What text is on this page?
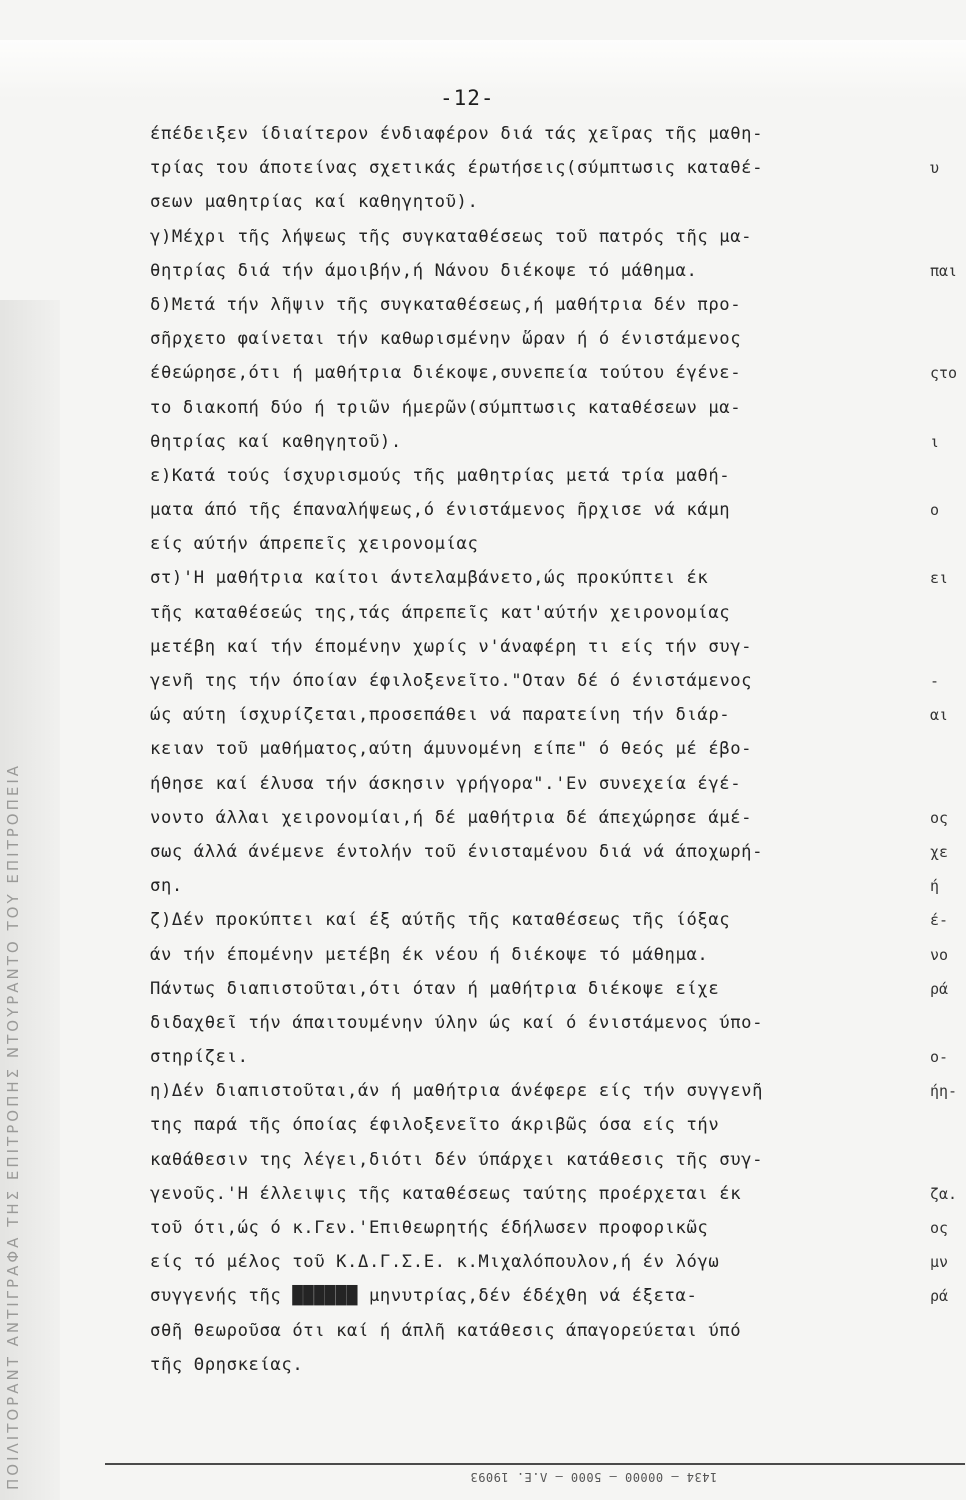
ΠΟΙΛΙΤΟΡΑΝΤ ΑΝΤΙΓΡΑΦΑ ΤΗΣ ΕΠΙΤΡΟΠΗΣ ΝΤΟΥΡΑΝΤΟ ΤΟΥ ΕΠΙΤΡΟΠΕΙΑ
-12-
έπέδειξεν ίδιαίτερον ένδιαφέρον διά τάς χεῖρας τῆς μαθη-
τρίας του άποτείνας σχετικάς έρωτήσεις(σύμπτωσις καταθέ-
σεων μαθητρίας καί καθηγητοῦ).
γ)Μέχρι τῆς λήψεως τῆς συγκαταθέσεως τοῦ πατρός τῆς μα-
θητρίας διά τήν άμοιβήν,ή Νάνου διέκοψε τό μάθημα.
δ)Μετά τήν λῆψιν τῆς συγκαταθέσεως,ή μαθήτρια δέν προ-
σῆρχετο φαίνεται τήν καθωρισμένην ὥραν ή ό ένιστάμενος
έθεώρησε,ότι ή μαθήτρια διέκοψε,συνεπεία τούτου έγένε-
το διακοπή δύο ή τριῶν ήμερῶν(σύμπτωσις καταθέσεων μα-
θητρίας καί καθηγητοῦ).
ε)Κατά τούς ίσχυρισμούς τῆς μαθητρίας μετά τρία μαθή-
ματα άπό τῆς έπαναλήψεως,ό ένιστάμενος ῆρχισε νά κάμη
είς αύτήν άπρεπεῖς χειρονομίας
στ)'Η μαθήτρια καίτοι άντελαμβάνετο,ώς προκύπτει έκ
τῆς καταθέσεώς της,τάς άπρεπεῖς κατ'αύτήν χειρονομίας
μετέβη καί τήν έπομένην χωρίς ν'άναφέρη τι είς τήν συγ-
γενῆ της τήν όποίαν έφιλοξενεῖτο."Οταν δέ ό ένιστάμενος
ώς αύτη ίσχυρίζεται,προσεπάθει νά παρατείνη τήν διάρ-
κειαν τοῦ μαθήματος,αύτη άμυνομένη είπε" ό θεός μέ έβο-
ήθησε καί έλυσα τήν άσκησιν γρήγορα".'Εν συνεχεία έγέ-
νοντο άλλαι χειρονομίαι,ή δέ μαθήτρια δέ άπεχώρησε άμέ-
σως άλλά άνέμενε έντολήν τοῦ ένισταμένου διά νά άποχωρή-
ση.
ζ)Δέν προκύπτει καί έξ αύτῆς τῆς καταθέσεως τῆς ίόξας
άν τήν έπομένην μετέβη έκ νέου ή διέκοψε τό μάθημα.
Πάντως διαπιστοῦται,ότι όταν ή μαθήτρια διέκοψε είχε
διδαχθεῖ τήν άπαιτουμένην ύλην ώς καί ό ένιστάμενος ύπο-
στηρίζει.
η)Δέν διαπιστοῦται,άν ή μαθήτρια άνέφερε είς τήν συγγενῆ
της παρά τῆς όποίας έφιλοξενεῖτο άκριβῶς όσα είς τήν
καθάθεσιν της λέγει,διότι δέν ύπάρχει κατάθεσις τῆς συγ-
γενοῦς.'Η έλλειψις τῆς καταθέσεως ταύτης προέρχεται έκ
τοῦ ότι,ώς ό κ.Γεν.'Επιθεωρητής έδήλωσεν προφορικῶς
είς τό μέλος τοῦ Κ.Δ.Γ.Σ.Ε. κ.Μιχαλόπουλον,ή έν λόγω
συγγενής τῆς ██████ μηνυτρίας,δέν έδέχθη νά έξετα-
σθῆ θεωροῦσα ότι καί ή άπλῆ κατάθεσις άπαγορεύεται ύπό
τῆς Θρησκείας.
υ
παι
ςτο
ι
ο
ει
-
αι
ος
χε
ή
έ-
νο
ρά
ο-
ήη-
ζα.
ος
μν
ρά
1434 — 00000 — 5000 — Λ.Ε. 19093
